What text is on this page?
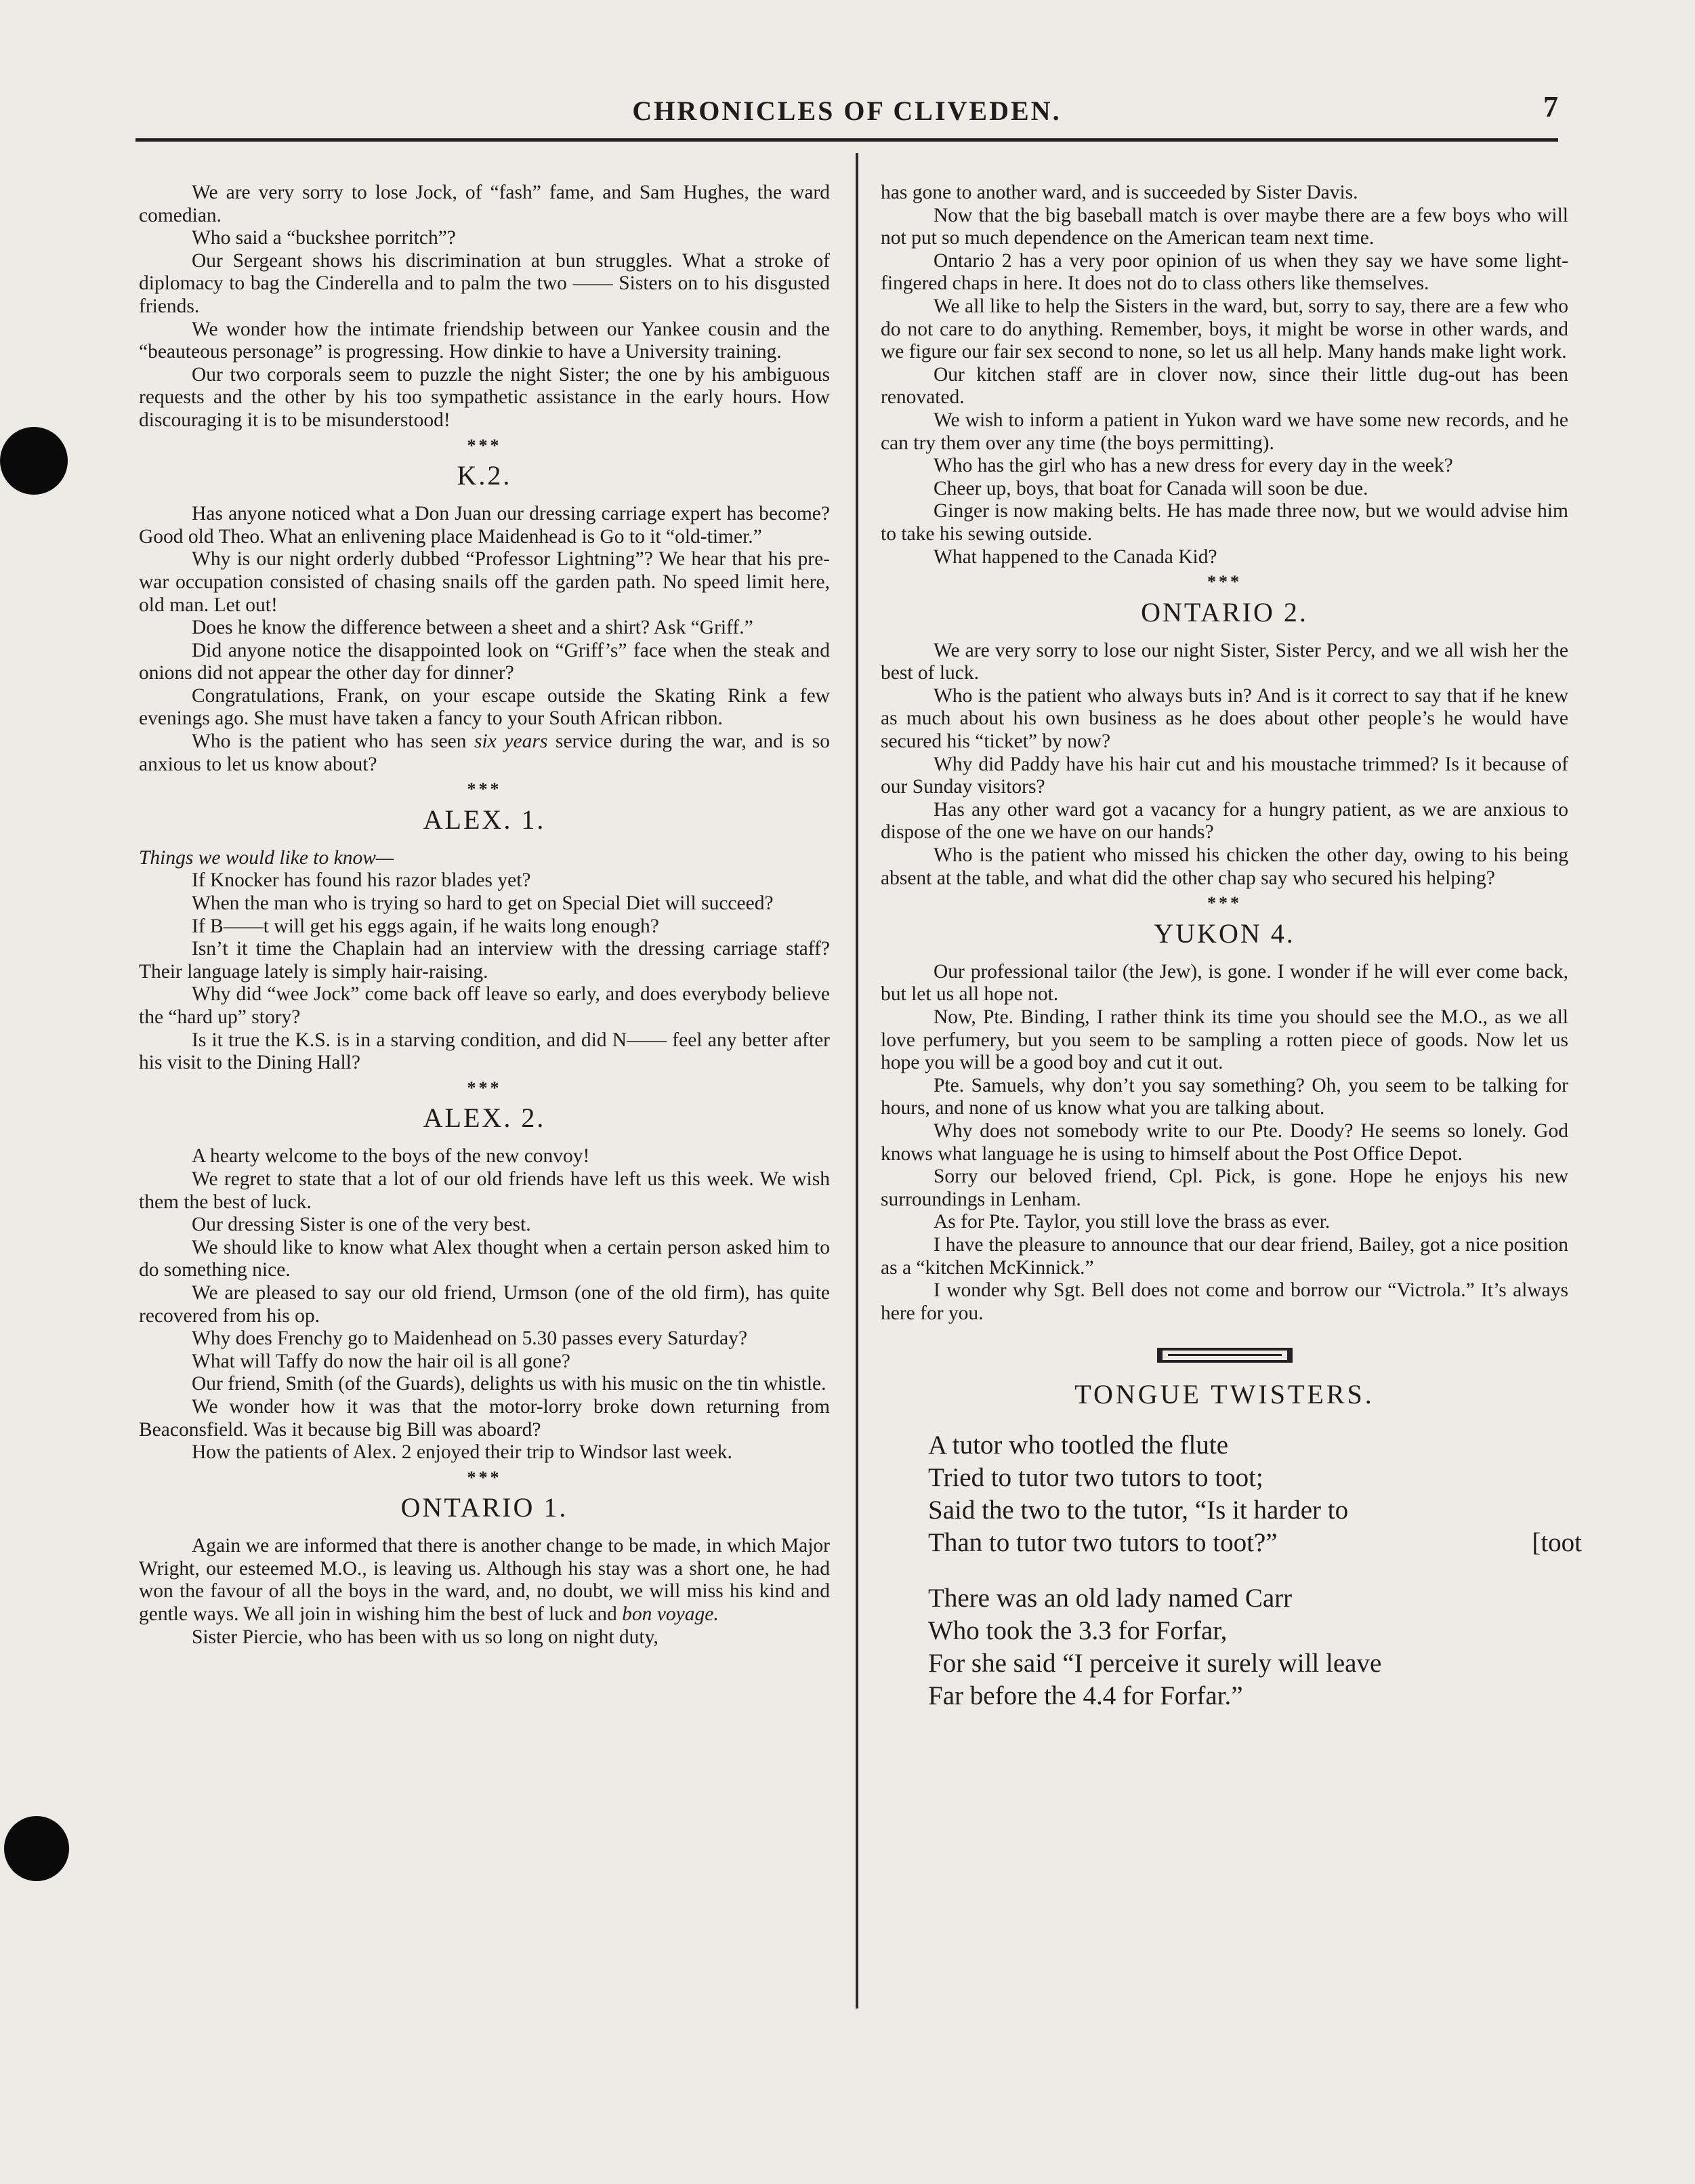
CHRONICLES OF CLIVEDEN.	7

We are very sorry to lose Jock, of “fash” fame, and Sam Hughes, the ward comedian.

Who said a “buckshee porritch”?

Our Sergeant shows his discrimination at bun struggles. What a stroke of diplomacy to bag the Cinderella and to palm the two —— Sisters on to his disgusted friends.

We wonder how the intimate friendship between our Yankee cousin and the “beauteous personage” is progressing. How dinkie to have a University training.

Our two corporals seem to puzzle the night Sister; the one by his ambiguous requests and the other by his too sympathetic assistance in the early hours. How discouraging it is to be misunderstood!

***
K.2.

Has anyone noticed what a Don Juan our dressing carriage expert has become? Good old Theo. What an enlivening place Maidenhead is Go to it “old-timer.”

Why is our night orderly dubbed “Professor Lightning”? We hear that his pre-war occupation consisted of chasing snails off the garden path. No speed limit here, old man. Let out!

Does he know the difference between a sheet and a shirt? Ask “Griff.”

Did anyone notice the disappointed look on “Griff’s” face when the steak and onions did not appear the other day for dinner?

Congratulations, Frank, on your escape outside the Skating Rink a few evenings ago. She must have taken a fancy to your South African ribbon.

Who is the patient who has seen six years service during the war, and is so anxious to let us know about?

***
ALEX. 1.

Things we would like to know—

If Knocker has found his razor blades yet?

When the man who is trying so hard to get on Special Diet will succeed?

If B——t will get his eggs again, if he waits long enough?

Isn’t it time the Chaplain had an interview with the dressing carriage staff? Their language lately is simply hair-raising.

Why did “wee Jock” come back off leave so early, and does everybody believe the “hard up” story?

Is it true the K.S. is in a starving condition, and did N—— feel any better after his visit to the Dining Hall?

***
ALEX. 2.

A hearty welcome to the boys of the new convoy!

We regret to state that a lot of our old friends have left us this week. We wish them the best of luck.

Our dressing Sister is one of the very best.

We should like to know what Alex thought when a certain person asked him to do something nice.

We are pleased to say our old friend, Urmson (one of the old firm), has quite recovered from his op.

Why does Frenchy go to Maidenhead on 5.30 passes every Saturday?

What will Taffy do now the hair oil is all gone?

Our friend, Smith (of the Guards), delights us with his music on the tin whistle.

We wonder how it was that the motor-lorry broke down returning from Beaconsfield. Was it because big Bill was aboard?

How the patients of Alex. 2 enjoyed their trip to Windsor last week.

***
ONTARIO 1.

Again we are informed that there is another change to be made, in which Major Wright, our esteemed M.O., is leaving us. Although his stay was a short one, he had won the favour of all the boys in the ward, and, no doubt, we will miss his kind and gentle ways. We all join in wishing him the best of luck and bon voyage.

Sister Piercie, who has been with us so long on night duty,

has gone to another ward, and is succeeded by Sister Davis.

Now that the big baseball match is over maybe there are a few boys who will not put so much dependence on the American team next time.

Ontario 2 has a very poor opinion of us when they say we have some light-fingered chaps in here. It does not do to class others like themselves.

We all like to help the Sisters in the ward, but, sorry to say, there are a few who do not care to do anything. Remember, boys, it might be worse in other wards, and we figure our fair sex second to none, so let us all help. Many hands make light work.

Our kitchen staff are in clover now, since their little dug-out has been renovated.

We wish to inform a patient in Yukon ward we have some new records, and he can try them over any time (the boys permitting).

Who has the girl who has a new dress for every day in the week?

Cheer up, boys, that boat for Canada will soon be due.

Ginger is now making belts. He has made three now, but we would advise him to take his sewing outside.

What happened to the Canada Kid?

***
ONTARIO 2.

We are very sorry to lose our night Sister, Sister Percy, and we all wish her the best of luck.

Who is the patient who always buts in? And is it correct to say that if he knew as much about his own business as he does about other people’s he would have secured his “ticket” by now?

Why did Paddy have his hair cut and his moustache trimmed? Is it because of our Sunday visitors?

Has any other ward got a vacancy for a hungry patient, as we are anxious to dispose of the one we have on our hands?

Who is the patient who missed his chicken the other day, owing to his being absent at the table, and what did the other chap say who secured his helping?

***
YUKON 4.

Our professional tailor (the Jew), is gone. I wonder if he will ever come back, but let us all hope not.

Now, Pte. Binding, I rather think its time you should see the M.O., as we all love perfumery, but you seem to be sampling a rotten piece of goods. Now let us hope you will be a good boy and cut it out.

Pte. Samuels, why don’t you say something? Oh, you seem to be talking for hours, and none of us know what you are talking about.

Why does not somebody write to our Pte. Doody? He seems so lonely. God knows what language he is using to himself about the Post Office Depot.

Sorry our beloved friend, Cpl. Pick, is gone. Hope he enjoys his new surroundings in Lenham.

As for Pte. Taylor, you still love the brass as ever.

I have the pleasure to announce that our dear friend, Bailey, got a nice position as a “kitchen McKinnick.”

I wonder why Sgt. Bell does not come and borrow our “Victrola.” It’s always here for you.

TONGUE TWISTERS.
A tutor who tootled the flute
Tried to tutor two tutors to toot;
Said the two to the tutor, “Is it harder to
Than to tutor two tutors to toot?”	[toot
There was an old lady named Carr
Who took the 3.3 for Forfar,
For she said “I perceive it surely will leave
Far before the 4.4 for Forfar.”
